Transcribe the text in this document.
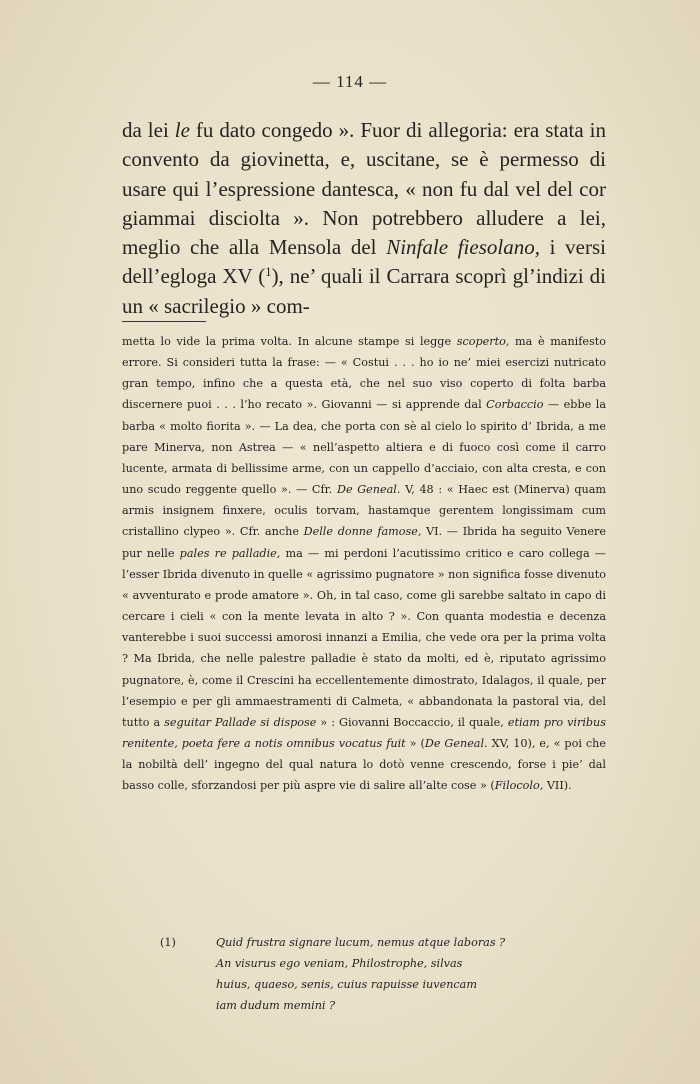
— 114 —

da lei le fu dato congedo ». Fuor di allegoria: era stata in convento da giovinetta, e, uscitane, se è permesso di usare qui l’espressione dantesca, « non fu dal vel del cor giammai disciolta ». Non potrebbero alludere a lei, meglio che alla Mensola del Ninfale fiesolano, i versi dell’egloga XV ($^1$), ne’ quali il Carrara scoprì gl’indizi di un « sacrilegio » com-

metta lo vide la prima volta. In alcune stampe si legge scoperto, ma è manifesto errore. Si consideri tutta la frase: — « Costui . . . ho io ne’ miei esercizi nutricato gran tempo, infino che a questa età, che nel suo viso coperto di folta barba discernere puoi . . . l’ho recato ». Giovanni — si apprende dal Corbaccio — ebbe la barba « molto fiorita ». — La dea, che porta con sè al cielo lo spirito d’ Ibrida, a me pare Minerva, non Astrea — « nell’aspetto altiera e di fuoco così come il carro lucente, armata di bellissime arme, con un cappello d’acciaio, con alta cresta, e con uno scudo reggente quello ». — Cfr. De Geneal. V, 48 : « Haec est (Minerva) quam armis insignem finxere, oculis torvam, hastamque gerentem longissimam cum cristallino clypeo ». Cfr. anche Delle donne famose, VI. — Ibrida ha seguito Venere pur nelle pales re palladie, ma — mi perdoni l’acutissimo critico e caro collega — l’esser Ibrida divenuto in quelle « agrissimo pugnatore » non significa fosse divenuto « avventurato e prode amatore ». Oh, in tal caso, come gli sarebbe saltato in capo di cercare i cieli « con la mente levata in alto ? ». Con quanta modestia e decenza vanterebbe i suoi successi amorosi innanzi a Emilia, che vede ora per la prima volta ? Ma Ibrida, che nelle palestre palladie è stato da molti, ed è, riputato agrissimo pugnatore, è, come il Crescini ha eccellentemente dimostrato, Idalagos, il quale, per l’esempio e per gli ammaestramenti di Calmeta, « abbandonata la pastoral via, del tutto a seguitar Pallade si dispose » : Giovanni Boccaccio, il quale, etiam pro viribus renitente, poeta fere a notis omnibus vocatus fuit » (De Geneal. XV, 10), e, « poi che la nobiltà dell’ ingegno del qual natura lo dotò venne crescendo, forse i pie’ dal basso colle, sforzandosi per più aspre vie di salire all’alte cose » (Filocolo, VII).

(1)	Quid frustra signare lucum, nemus atque laboras ?
An visurus ego veniam, Philostrophe, silvas
huius, quaeso, senis, cuius rapuisse iuvencam
iam dudum memini ?
